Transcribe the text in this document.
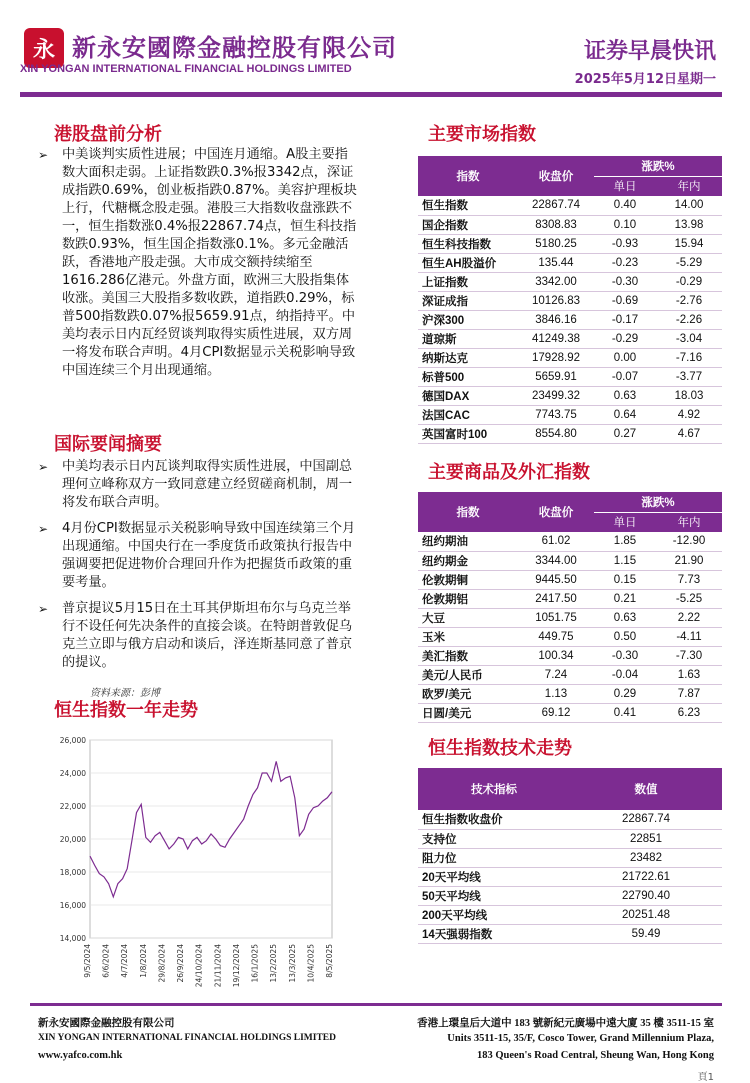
永 新永安國際金融控股有限公司
XIN YONGAN INTERNATIONAL FINANCIAL HOLDINGS LIMITED
证券早晨快讯
2025年5月12日星期一
港股盘前分析
➢ 中美谈判实质性进展；中国连月通缩。A股主要指数大面积走弱。上证指数跌0.3%报3342点，深证成指跌0.69%，创业板指跌0.87%。美容护理板块上行，代糖概念股走强。港股三大指数收盘涨跌不一，恒生指数涨0.4%报22867.74点，恒生科技指数跌0.93%，恒生国企指数涨0.1%。多元金融活跃，香港地产股走强。大市成交额持续缩至1616.286亿港元。外盘方面，欧洲三大股指集体收涨。美国三大股指多数收跌，道指跌0.29%，标普500指数跌0.07%报5659.91点，纳指持平。中美均表示日内瓦经贸谈判取得实质性进展，双方周一将发布联合声明。4月CPI数据显示关税影响导致中国连续三个月出现通缩。
国际要闻摘要
➢ 中美均表示日内瓦谈判取得实质性进展，中国副总理何立峰称双方一致同意建立经贸磋商机制，周一将发布联合声明。
➢ 4月份CPI数据显示关税影响导致中国连续第三个月出现通缩。中国央行在一季度货币政策执行报告中强调要把促进物价合理回升作为把握货币政策的重要考量。
➢ 普京提议5月15日在土耳其伊斯坦布尔与乌克兰举行不设任何先决条件的直接会谈。在特朗普敦促乌克兰立即与俄方启动和谈后，泽连斯基同意了普京的提议。
资料来源：彭博
恒生指数一年走势
26,000
24,000
22,000
20,000
18,000
16,000
14,000
9/5/2024 6/6/2024 4/7/2024 1/8/2024 29/8/2024 26/9/2024 24/10/2024 21/11/2024 19/12/2024 16/1/2025 13/2/2025 13/3/2025 10/4/2025 8/5/2025
主要市场指数
指数	收盘价	涨跌%	
		单日	年内
恒生指数	22867.74	0.40	14.00
国企指数	8308.83	0.10	13.98
恒生科技指数	5180.25	-0.93	15.94
恒生AH股溢价	135.44	-0.23	-5.29
上证指数	3342.00	-0.30	-0.29
深证成指	10126.83	-0.69	-2.76
沪深300	3846.16	-0.17	-2.26
道琼斯	41249.38	-0.29	-3.04
纳斯达克	17928.92	0.00	-7.16
标普500	5659.91	-0.07	-3.77
德国DAX	23499.32	0.63	18.03
法国CAC	7743.75	0.64	4.92
英国富时100	8554.80	0.27	4.67
主要商品及外汇指数
指数	收盘价	涨跌%	
		单日	年内
纽约期油	61.02	1.85	-12.90
纽约期金	3344.00	1.15	21.90
伦敦期铜	9445.50	0.15	7.73
伦敦期铝	2417.50	0.21	-5.25
大豆	1051.75	0.63	2.22
玉米	449.75	0.50	-4.11
美汇指数	100.34	-0.30	-7.30
美元/人民币	7.24	-0.04	1.63
欧罗/美元	1.13	0.29	7.87
日圆/美元	69.12	0.41	6.23
恒生指数技术走势
技术指标	数值
恒生指数收盘价	22867.74
支持位	22851
阻力位	23482
20天平均线	21722.61
50天平均线	22790.40
200天平均线	20251.48
14天强弱指数	59.49
新永安國際金融控股有限公司
XIN YONGAN INTERNATIONAL FINANCIAL HOLDINGS LIMITED
www.yafco.com.hk
香港上環皇后大道中 183 號新紀元廣場中遠大廈 35 樓 3511-15 室
Units 3511-15, 35/F, Cosco Tower, Grand Millennium Plaza,
183 Queen's Road Central, Sheung Wan, Hong Kong
頁1
